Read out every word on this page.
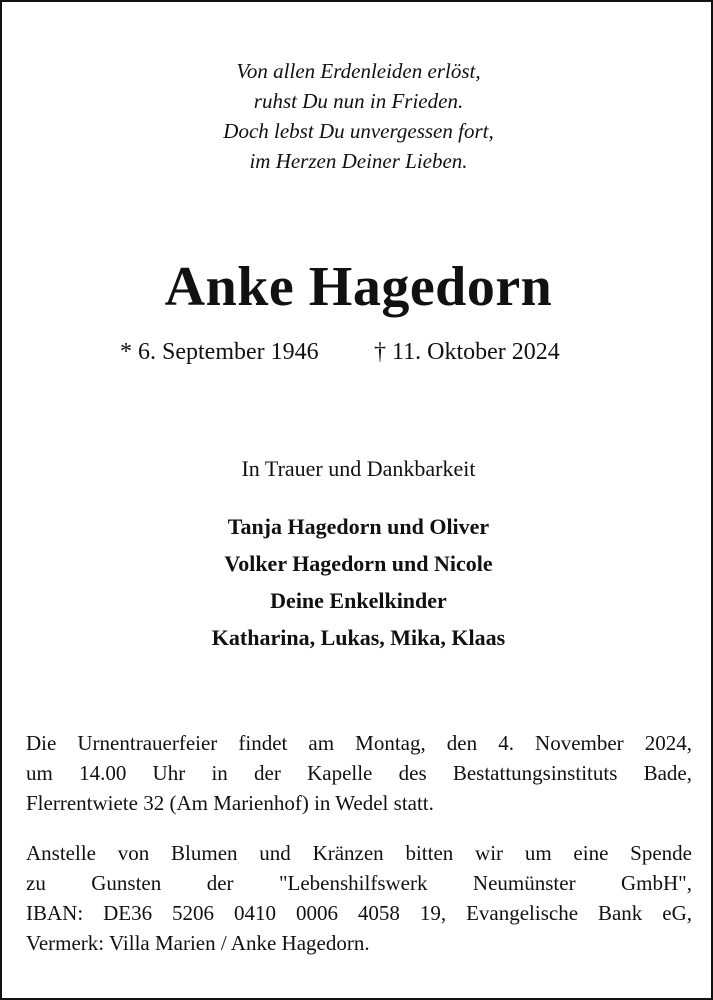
Von allen Erdenleiden erlöst,
ruhst Du nun in Frieden.
Doch lebst Du unvergessen fort,
im Herzen Deiner Lieben.
Anke Hagedorn
* 6. September 1946 † 11. Oktober 2024
In Trauer und Dankbarkeit
Tanja Hagedorn und Oliver
Volker Hagedorn und Nicole
Deine Enkelkinder
Katharina, Lukas, Mika, Klaas
Die Urnentrauerfeier findet am Montag, den 4. November 2024,
um 14.00 Uhr in der Kapelle des Bestattungsinstituts Bade,
Flerrentwiete 32 (Am Marienhof) in Wedel statt.
Anstelle von Blumen und Kränzen bitten wir um eine Spende
zu Gunsten der "Lebenshilfswerk Neumünster GmbH",
IBAN: DE36 5206 0410 0006 4058 19, Evangelische Bank eG,
Vermerk: Villa Marien / Anke Hagedorn.
